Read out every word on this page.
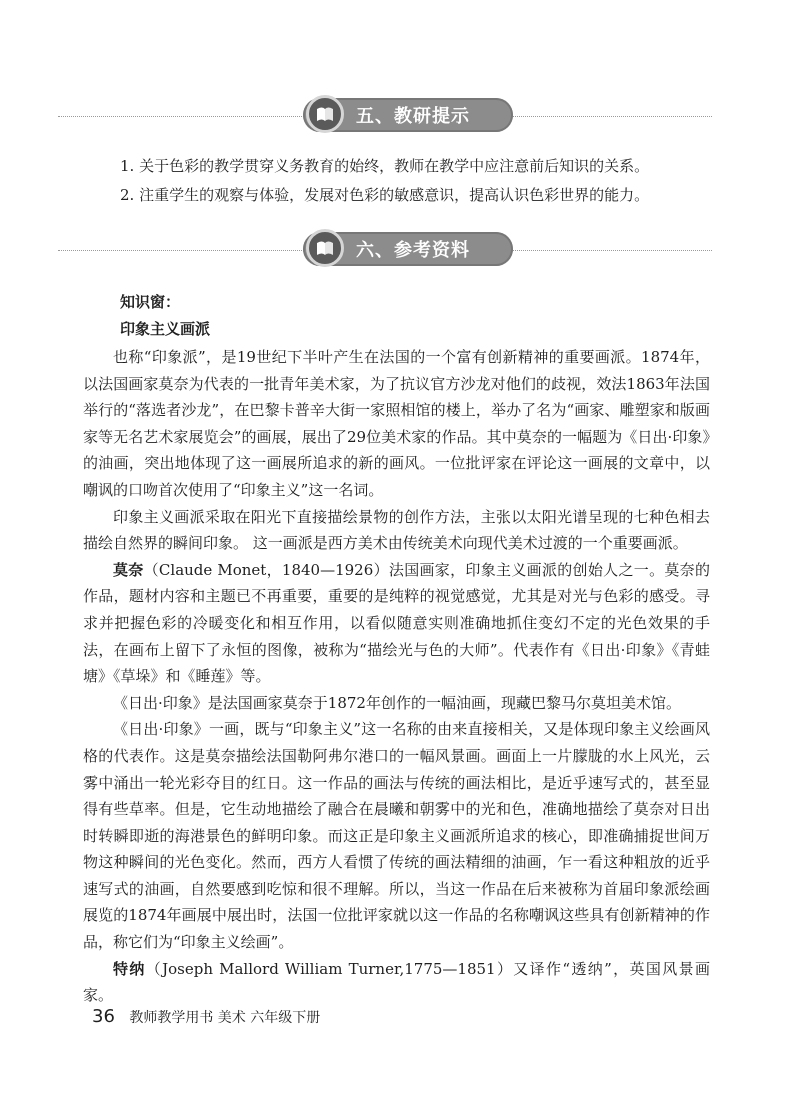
五、教研提示
1. 关于色彩的教学贯穿义务教育的始终，教师在教学中应注意前后知识的关系。
2. 注重学生的观察与体验，发展对色彩的敏感意识，提高认识色彩世界的能力。
六、参考资料
知识窗：
印象主义画派

也称“印象派”，是19世纪下半叶产生在法国的一个富有创新精神的重要画派。1874年，以法国画家莫奈为代表的一批青年美术家，为了抗议官方沙龙对他们的歧视，效法1863年法国举行的“落选者沙龙”，在巴黎卡普辛大街一家照相馆的楼上，举办了名为“画家、雕塑家和版画家等无名艺术家展览会”的画展，展出了29位美术家的作品。其中莫奈的一幅题为《日出·印象》的油画，突出地体现了这一画展所追求的新的画风。一位批评家在评论这一画展的文章中，以嘲讽的口吻首次使用了“印象主义”这一名词。

印象主义画派采取在阳光下直接描绘景物的创作方法，主张以太阳光谱呈现的七种色相去描绘自然界的瞬间印象。 这一画派是西方美术由传统美术向现代美术过渡的一个重要画派。

莫奈（Claude Monet，1840—1926）法国画家，印象主义画派的创始人之一。莫奈的作品，题材内容和主题已不再重要，重要的是纯粹的视觉感觉，尤其是对光与色彩的感受。寻求并把握色彩的冷暖变化和相互作用，以看似随意实则准确地抓住变幻不定的光色效果的手法，在画布上留下了永恒的图像，被称为“描绘光与色的大师”。代表作有《日出·印象》《青蛙塘》《草垛》和《睡莲》等。

《日出·印象》是法国画家莫奈于1872年创作的一幅油画，现藏巴黎马尔莫坦美术馆。

《日出·印象》一画，既与“印象主义”这一名称的由来直接相关，又是体现印象主义绘画风格的代表作。这是莫奈描绘法国勒阿弗尔港口的一幅风景画。画面上一片朦胧的水上风光，云雾中涌出一轮光彩夺目的红日。这一作品的画法与传统的画法相比，是近乎速写式的，甚至显得有些草率。但是，它生动地描绘了融合在晨曦和朝雾中的光和色，准确地描绘了莫奈对日出时转瞬即逝的海港景色的鲜明印象。而这正是印象主义画派所追求的核心，即准确捕捉世间万物这种瞬间的光色变化。然而，西方人看惯了传统的画法精细的油画，乍一看这种粗放的近乎速写式的油画，自然要感到吃惊和很不理解。所以，当这一作品在后来被称为首届印象派绘画展览的1874年画展中展出时，法国一位批评家就以这一作品的名称嘲讽这些具有创新精神的作品，称它们为“印象主义绘画”。

特纳（Joseph Mallord William Turner,1775—1851）又译作“透纳”，英国风景画家。

36 教师教学用书 美术 六年级下册
